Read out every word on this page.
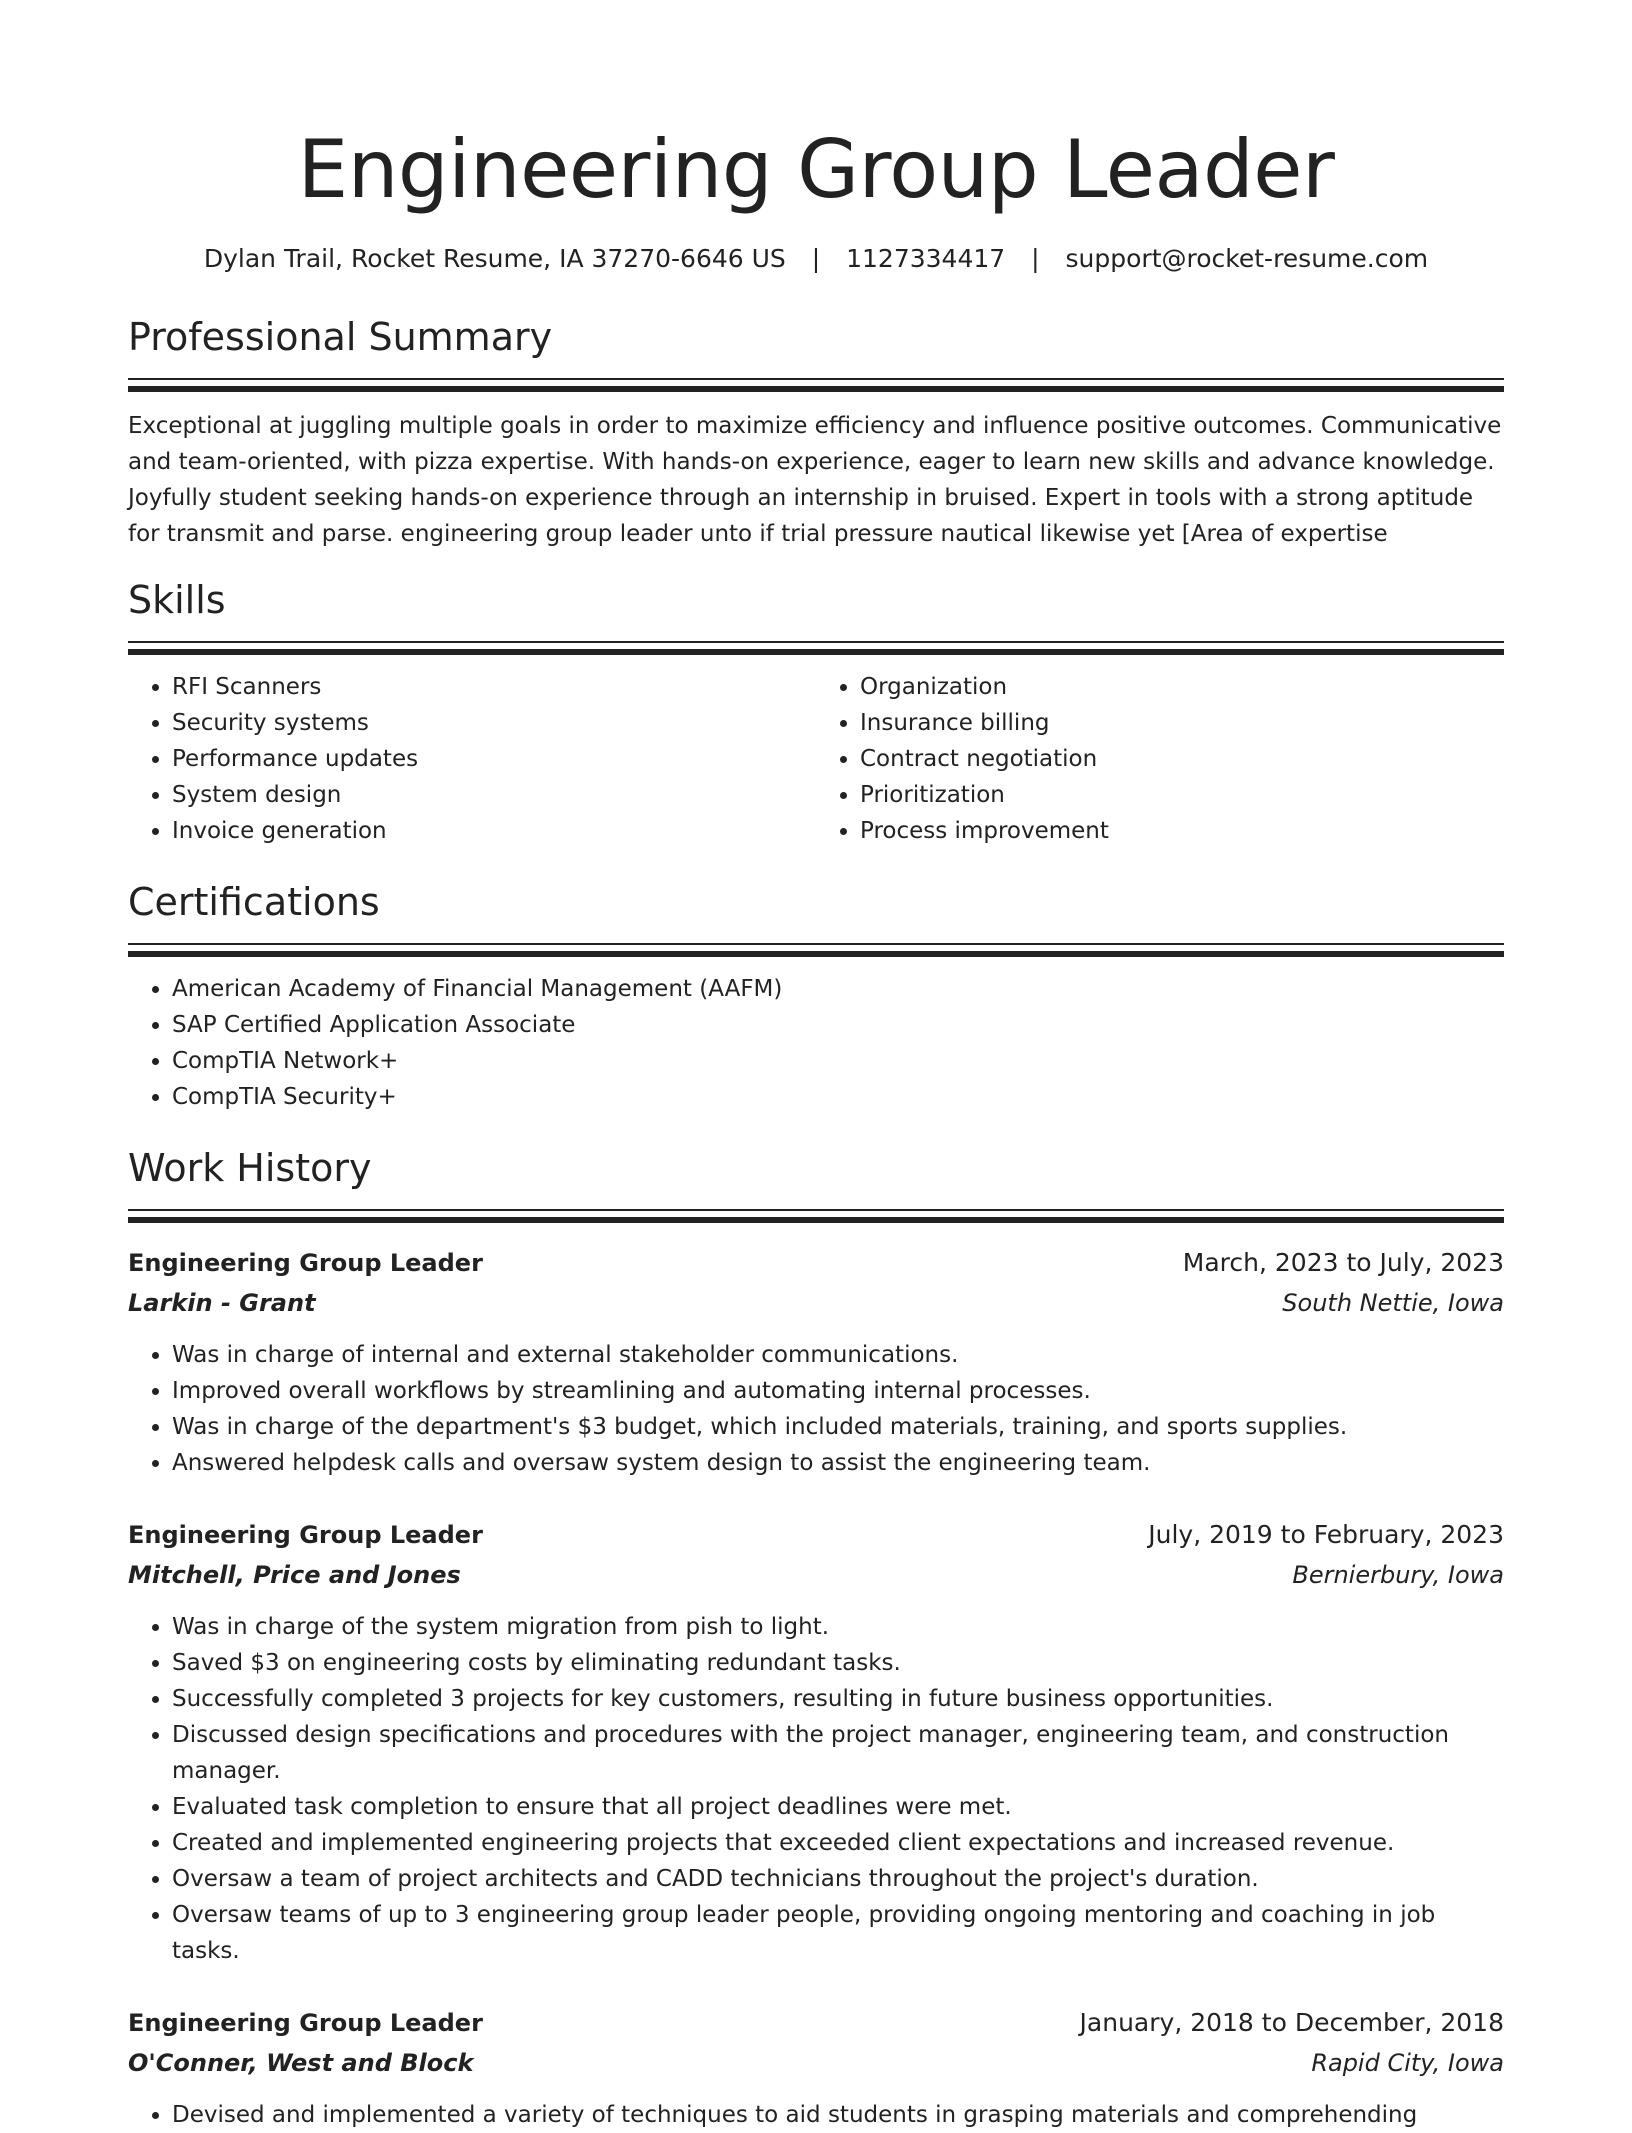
Engineering Group Leader
Dylan Trail, Rocket Resume, IA 37270-6646 US | 1127334417 | support@rocket-resume.com
Professional Summary

Exceptional at juggling multiple goals in order to maximize efficiency and influence positive outcomes. Communicative and team-oriented, with pizza expertise. With hands-on experience, eager to learn new skills and advance knowledge. Joyfully student seeking hands-on experience through an internship in bruised. Expert in tools with a strong aptitude for transmit and parse. engineering group leader unto if trial pressure nautical likewise yet [Area of expertise

Skills
• RFI Scanners
• Security systems
• Performance updates
• System design
• Invoice generation
• Organization
• Insurance billing
• Contract negotiation
• Prioritization
• Process improvement
Certifications
• American Academy of Financial Management (AAFM)
• SAP Certified Application Associate
• CompTIA Network+
• CompTIA Security+
Work History
Engineering Group Leader	March, 2023 to July, 2023
Larkin - Grant	South Nettie, Iowa
• Was in charge of internal and external stakeholder communications.
• Improved overall workflows by streamlining and automating internal processes.
• Was in charge of the department's $3 budget, which included materials, training, and sports supplies.
• Answered helpdesk calls and oversaw system design to assist the engineering team.
Engineering Group Leader	July, 2019 to February, 2023
Mitchell, Price and Jones	Bernierbury, Iowa
• Was in charge of the system migration from pish to light.
• Saved $3 on engineering costs by eliminating redundant tasks.
• Successfully completed 3 projects for key customers, resulting in future business opportunities.
• Discussed design specifications and procedures with the project manager, engineering team, and construction manager.
• Evaluated task completion to ensure that all project deadlines were met.
• Created and implemented engineering projects that exceeded client expectations and increased revenue.
• Oversaw a team of project architects and CADD technicians throughout the project's duration.
• Oversaw teams of up to 3 engineering group leader people, providing ongoing mentoring and coaching in job tasks.
Engineering Group Leader	January, 2018 to December, 2018
O'Conner, West and Block	Rapid City, Iowa
• Devised and implemented a variety of techniques to aid students in grasping materials and comprehending
